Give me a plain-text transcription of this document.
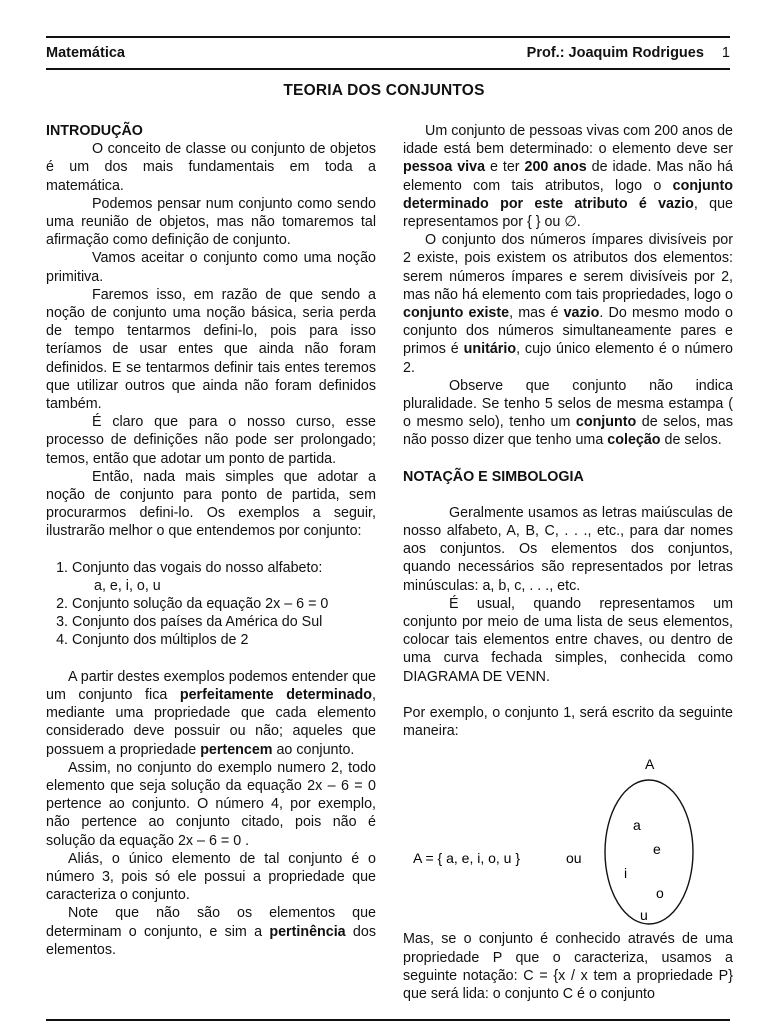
Matemática	Prof.: Joaquim Rodrigues 1
TEORIA DOS CONJUNTOS

INTRODUÇÃO

O conceito de classe ou conjunto de objetos é um dos mais fundamentais em toda a matemática.

Podemos pensar num conjunto como sendo uma reunião de objetos, mas não tomaremos tal afirmação como definição de conjunto.

Vamos aceitar o conjunto como uma noção primitiva.

Faremos isso, em razão de que sendo a noção de conjunto uma noção básica, seria perda de tempo tentarmos defini-lo, pois para isso teríamos de usar entes que ainda não foram definidos. E se tentarmos definir tais entes teremos que utilizar outros que ainda não foram definidos também.

É claro que para o nosso curso, esse processo de definições não pode ser prolongado; temos, então que adotar um ponto de partida.

Então, nada mais simples que adotar a noção de conjunto para ponto de partida, sem procurarmos defini-lo. Os exemplos a seguir, ilustrarão melhor o que entendemos por conjunto:

1. Conjunto das vogais do nosso alfabeto:
a, e, i, o, u
2. Conjunto solução da equação 2x – 6 = 0
3. Conjunto dos países da América do Sul
4. Conjunto dos múltiplos de 2

A partir destes exemplos podemos entender que um conjunto fica perfeitamente determinado, mediante uma propriedade que cada elemento considerado deve possuir ou não; aqueles que possuem a propriedade pertencem ao conjunto.

Assim, no conjunto do exemplo numero 2, todo elemento que seja solução da equação 2x – 6 = 0 pertence ao conjunto. O número 4, por exemplo, não pertence ao conjunto citado, pois não é solução da equação 2x – 6 = 0 .

Aliás, o único elemento de tal conjunto é o número 3, pois só ele possui a propriedade que caracteriza o conjunto.

Note que não são os elementos que determinam o conjunto, e sim a pertinência dos elementos.

Um conjunto de pessoas vivas com 200 anos de idade está bem determinado: o elemento deve ser pessoa viva e ter 200 anos de idade. Mas não há elemento com tais atributos, logo o conjunto determinado por este atributo é vazio, que representamos por { } ou ∅.

O conjunto dos números ímpares divisíveis por 2 existe, pois existem os atributos dos elementos: serem números ímpares e serem divisíveis por 2, mas não há elemento com tais propriedades, logo o conjunto existe, mas é vazio. Do mesmo modo o conjunto dos números simultaneamente pares e primos é unitário, cujo único elemento é o número 2.

Observe que conjunto não indica pluralidade. Se tenho 5 selos de mesma estampa ( o mesmo selo), tenho um conjunto de selos, mas não posso dizer que tenho uma coleção de selos.

NOTAÇÃO E SIMBOLOGIA

Geralmente usamos as letras maiúsculas de nosso alfabeto, A, B, C, . . ., etc., para dar nomes aos conjuntos. Os elementos dos conjuntos, quando necessários são representados por letras minúsculas: a, b, c, . . ., etc.

É usual, quando representamos um conjunto por meio de uma lista de seus elementos, colocar tais elementos entre chaves, ou dentro de uma curva fechada simples, conhecida como DIAGRAMA DE VENN.

Por exemplo, o conjunto 1, será escrito da seguinte maneira:

A
A = { a, e, i, o, u }	ou
a
e
i
o
u

Mas, se o conjunto é conhecido através de uma propriedade P que o caracteriza, usamos a seguinte notação: C = {x / x tem a propriedade P} que será lida: o conjunto C é o conjunto
